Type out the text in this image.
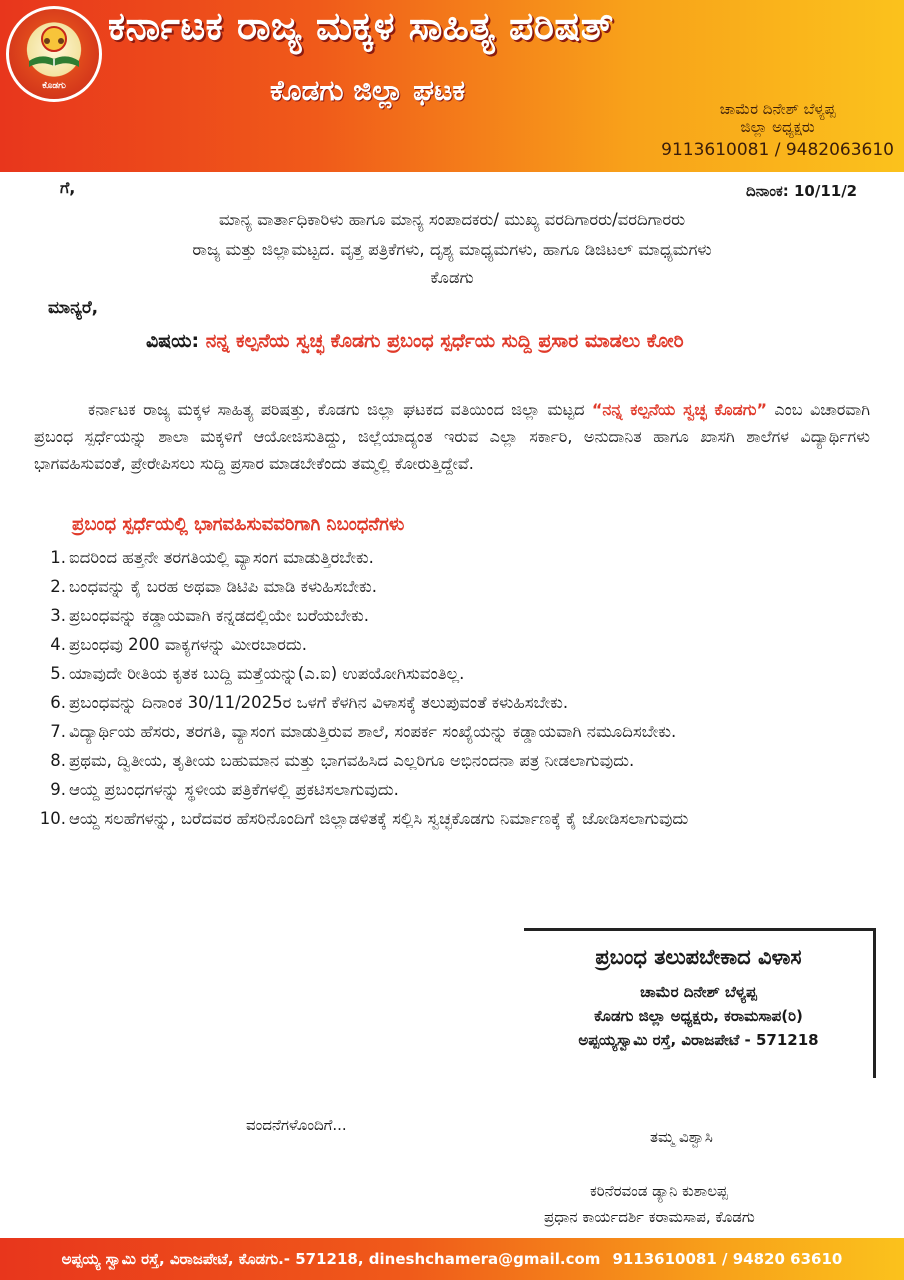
ಕೊಡಗು
ಕರ್ನಾಟಕ ರಾಜ್ಯ ಮಕ್ಕಳ ಸಾಹಿತ್ಯ ಪರಿಷತ್
ಕೊಡಗು ಜಿಲ್ಲಾ ಘಟಕ
ಚಾಮೆರ ದಿನೇಶ್ ಬೆಳ್ಯಪ್ಪ
ಜಿಲ್ಲಾ ಅಧ್ಯಕ್ಷರು
9113610081 / 9482063610
ಗೆ,	ದಿನಾಂಕ: 10/11/2
ಮಾನ್ಯ ವಾರ್ತಾಧಿಕಾರಿಳು ಹಾಗೂ ಮಾನ್ಯ ಸಂಪಾದಕರು/ ಮುಖ್ಯ ವರದಿಗಾರರು/ವರದಿಗಾರರು
ರಾಜ್ಯ ಮತ್ತು ಜಿಲ್ಲಾಮಟ್ಟದ. ವೃತ್ತ ಪತ್ರಿಕೆಗಳು, ದೃಶ್ಯ ಮಾಧ್ಯಮಗಳು, ಹಾಗೂ ಡಿಜಿಟಲ್ ಮಾಧ್ಯಮಗಳು
ಕೊಡಗು
ಮಾನ್ಯರೆ,
ವಿಷಯ: ನನ್ನ ಕಲ್ಪನೆಯ ಸ್ವಚ್ಛ ಕೊಡಗು ಪ್ರಬಂಧ ಸ್ಪರ್ಧೆಯ ಸುದ್ದಿ ಪ್ರಸಾರ ಮಾಡಲು ಕೋರಿ
ಕರ್ನಾಟಕ ರಾಜ್ಯ ಮಕ್ಕಳ ಸಾಹಿತ್ಯ ಪರಿಷತ್ತು, ಕೊಡಗು ಜಿಲ್ಲಾ ಘಟಕದ ವತಿಯಿಂದ ಜಿಲ್ಲಾ ಮಟ್ಟದ “ನನ್ನ ಕಲ್ಪನೆಯ ಸ್ವಚ್ಛ ಕೊಡಗು” ಎಂಬ ವಿಚಾರವಾಗಿ ಪ್ರಬಂಧ ಸ್ಪರ್ಧೆಯನ್ನು ಶಾಲಾ ಮಕ್ಕಳಿಗೆ ಆಯೋಜಿಸುತಿದ್ದು, ಜಿಲ್ಲೆಯಾದ್ಯಂತ ಇರುವ ಎಲ್ಲಾ ಸರ್ಕಾರಿ, ಅನುದಾನಿತ ಹಾಗೂ ಖಾಸಗಿ ಶಾಲೆಗಳ ವಿದ್ಯಾರ್ಥಿಗಳು ಭಾಗವಹಿಸುವಂತೆ, ಪ್ರೇರೇಪಿಸಲು ಸುದ್ದಿ ಪ್ರಸಾರ ಮಾಡಬೇಕೆಂದು ತಮ್ಮಲ್ಲಿ ಕೋರುತ್ತಿದ್ದೇವೆ.
ಪ್ರಬಂಧ ಸ್ಪರ್ಧೆಯಲ್ಲಿ ಭಾಗವಹಿಸುವವರಿಗಾಗಿ ನಿಬಂಧನೆಗಳು
1. ಐದರಿಂದ ಹತ್ತನೇ ತರಗತಿಯಲ್ಲಿ ವ್ಯಾಸಂಗ ಮಾಡುತ್ತಿರಬೇಕು.
2. ಬಂಧವನ್ನು ಕೈ ಬರಹ ಅಥವಾ ಡಿಟಿಪಿ ಮಾಡಿ ಕಳುಹಿಸಬೇಕು.
3. ಪ್ರಬಂಧವನ್ನು ಕಡ್ಡಾಯವಾಗಿ ಕನ್ನಡದಲ್ಲಿಯೇ ಬರೆಯಬೇಕು.
4. ಪ್ರಬಂಧವು 200 ವಾಕ್ಯಗಳನ್ನು ಮೀರಬಾರದು.
5. ಯಾವುದೇ ರೀತಿಯ ಕೃತಕ ಬುದ್ದಿ ಮತ್ತೆಯನ್ನು(ಎ.ಐ) ಉಪಯೋಗಿಸುವಂತಿಲ್ಲ.
6. ಪ್ರಬಂಧವನ್ನು ದಿನಾಂಕ 30/11/2025ರ ಒಳಗೆ ಕೆಳಗಿನ ವಿಳಾಸಕ್ಕೆ ತಲುಪುವಂತೆ ಕಳುಹಿಸಬೇಕು.
7. ವಿದ್ಯಾರ್ಥಿಯ ಹೆಸರು, ತರಗತಿ, ವ್ಯಾಸಂಗ ಮಾಡುತ್ತಿರುವ ಶಾಲೆ, ಸಂಪರ್ಕ ಸಂಖ್ಯೆಯನ್ನು ಕಡ್ಡಾಯವಾಗಿ ನಮೂದಿಸಬೇಕು.
8. ಪ್ರಥಮ, ದ್ವಿತೀಯ, ತೃತೀಯ ಬಹುಮಾನ ಮತ್ತು ಭಾಗವಹಿಸಿದ ಎಲ್ಲರಿಗೂ ಅಭಿನಂದನಾ ಪತ್ರ ನೀಡಲಾಗುವುದು.
9. ಆಯ್ದ ಪ್ರಬಂಧಗಳನ್ನು ಸ್ಥಳೀಯ ಪತ್ರಿಕೆಗಳಲ್ಲಿ ಪ್ರಕಟಿಸಲಾಗುವುದು.
10. ಆಯ್ದ ಸಲಹೆಗಳನ್ನು, ಬರೆದವರ ಹೆಸರಿನೊಂದಿಗೆ ಜಿಲ್ಲಾಡಳಿತಕ್ಕೆ ಸಲ್ಲಿಸಿ ಸ್ವಚ್ಛಕೊಡಗು ನಿರ್ಮಾಣಕ್ಕೆ ಕೈ ಜೋಡಿಸಲಾಗುವುದು
ಪ್ರಬಂಧ ತಲುಪಬೇಕಾದ ವಿಳಾಸ
ಚಾಮೆರ ದಿನೇಶ್ ಬೆಳ್ಯಪ್ಪ
ಕೊಡಗು ಜಿಲ್ಲಾ ಅಧ್ಯಕ್ಷರು, ಕರಾಮಸಾಪ(ರಿ)
ಅಪ್ಪಯ್ಯಸ್ವಾಮಿ ರಸ್ತೆ, ವಿರಾಜಪೇಟೆ - 571218
ವಂದನೆಗಳೊಂದಿಗೆ...
ತಮ್ಮ ವಿಶ್ವಾಸಿ
ಕರಿನೆರವಂಡ ಡ್ಯಾನಿ ಕುಶಾಲಪ್ಪ
ಪ್ರಧಾನ ಕಾರ್ಯದರ್ಶಿ ಕರಾಮಸಾಪ, ಕೊಡಗು
ಅಪ್ಪಯ್ಯ ಸ್ವಾಮಿ ರಸ್ತೆ, ವಿರಾಜಪೇಟೆ, ಕೊಡಗು.- 571218, dineshchamera@gmail.com 9113610081 / 94820 63610
